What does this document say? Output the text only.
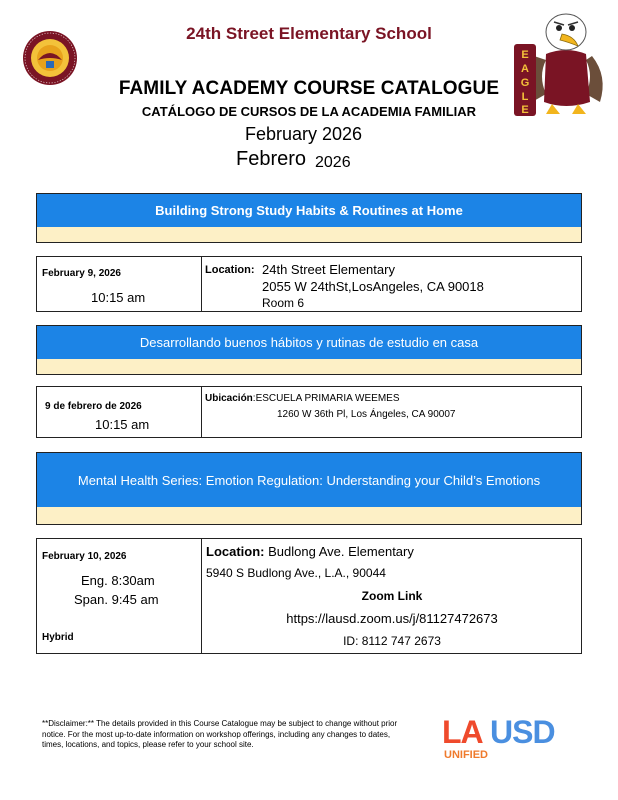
24th Street Elementary School
E
A
G
L
E
FAMILY ACADEMY COURSE CATALOGUE
CATÁLOGO DE CURSOS DE LA ACADEMIA FAMILIAR
February 2026
Febrero 2026
Building Strong Study Habits & Routines at Home
February 9, 2026
10:15 am
Location: 24th Street Elementary
2055 W 24thSt,LosAngeles, CA 90018
Room 6
Desarrollando buenos hábitos y rutinas de estudio en casa
9 de febrero de 2026
10:15 am
Ubicación:ESCUELA PRIMARIA WEEMES
1260 W 36th Pl, Los Ángeles, CA 90007
Mental Health Series: Emotion Regulation: Understanding your Child’s Emotions
February 10, 2026
Eng. 8:30am
Span. 9:45 am
Hybrid
Location: Budlong Ave. Elementary
5940 S Budlong Ave., L.A., 90044
Zoom Link
https://lausd.zoom.us/j/81127472673
ID: 8112 747 2673
**Disclaimer:** The details provided in this Course Catalogue may be subject to change without prior notice. For the most up-to-date information on workshop offerings, including any changes to dates, times, locations, and topics, please refer to your school site.	LA USD
UNIFIED
